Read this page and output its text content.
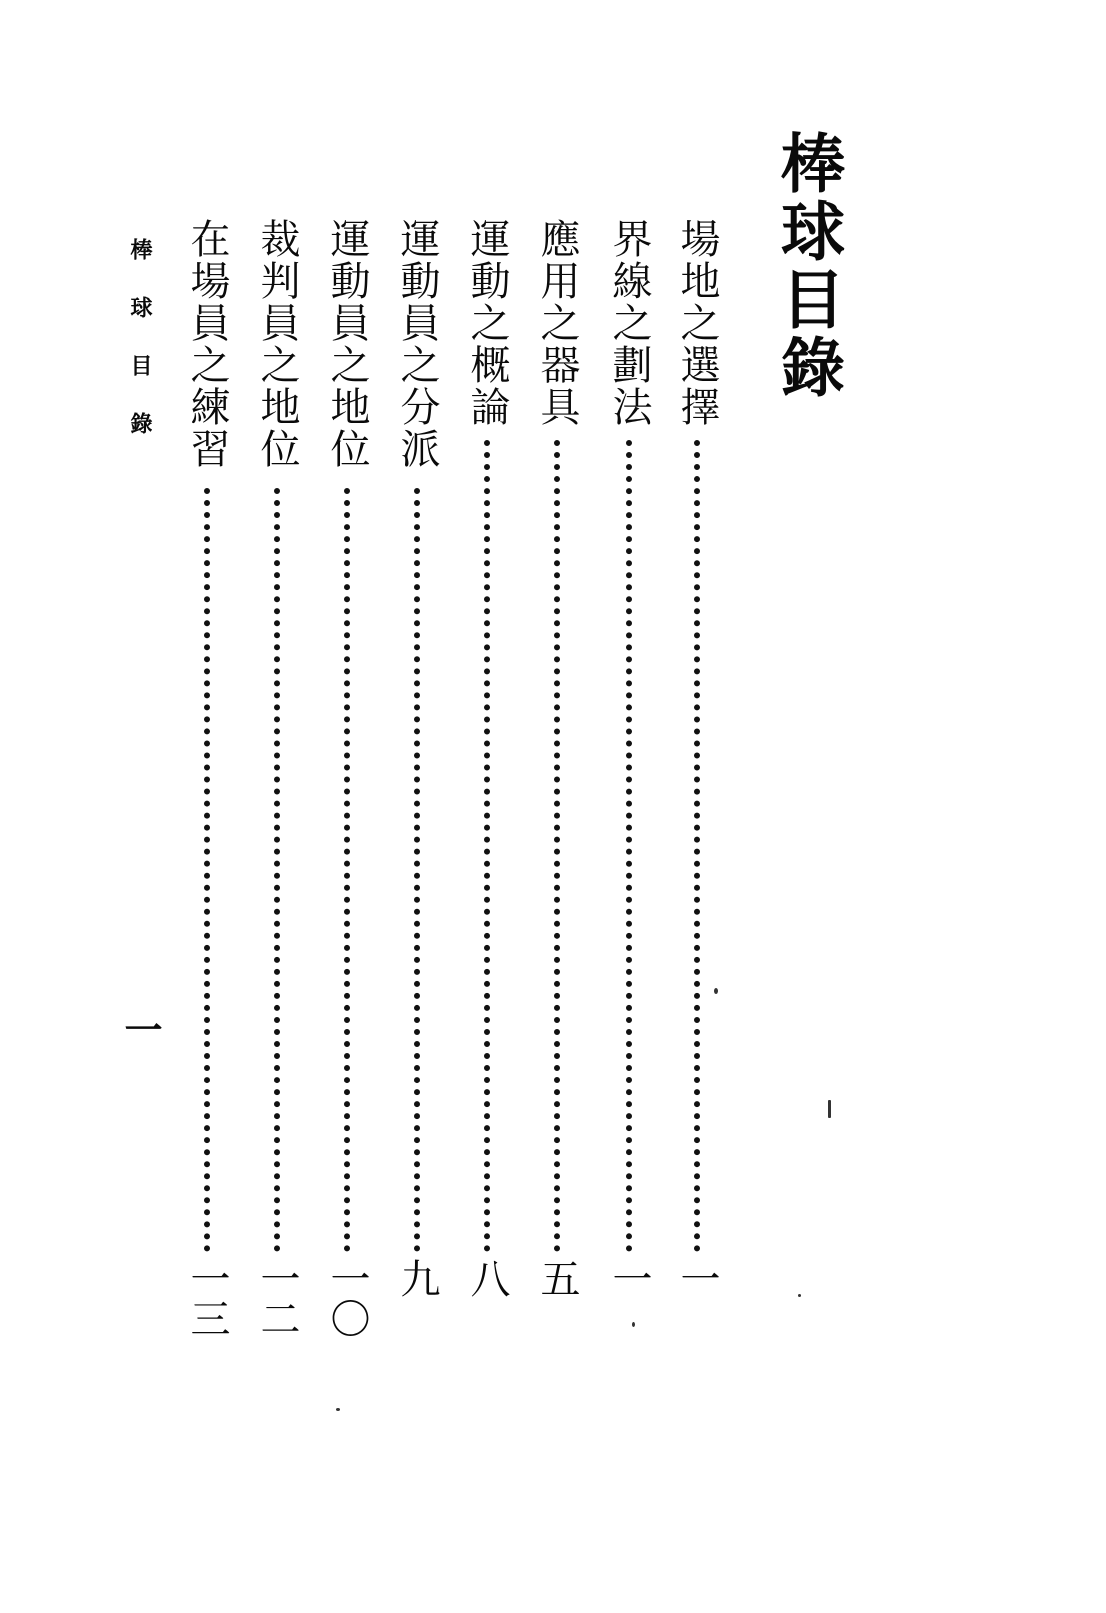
棒球目錄
場地之選擇
一
界線之劃法
一
應用之器具
五
運動之概論
八
運動員之分派
九
運動員之地位
一〇
裁判員之地位
一二
在場員之練習
一三
棒球目錄
一
